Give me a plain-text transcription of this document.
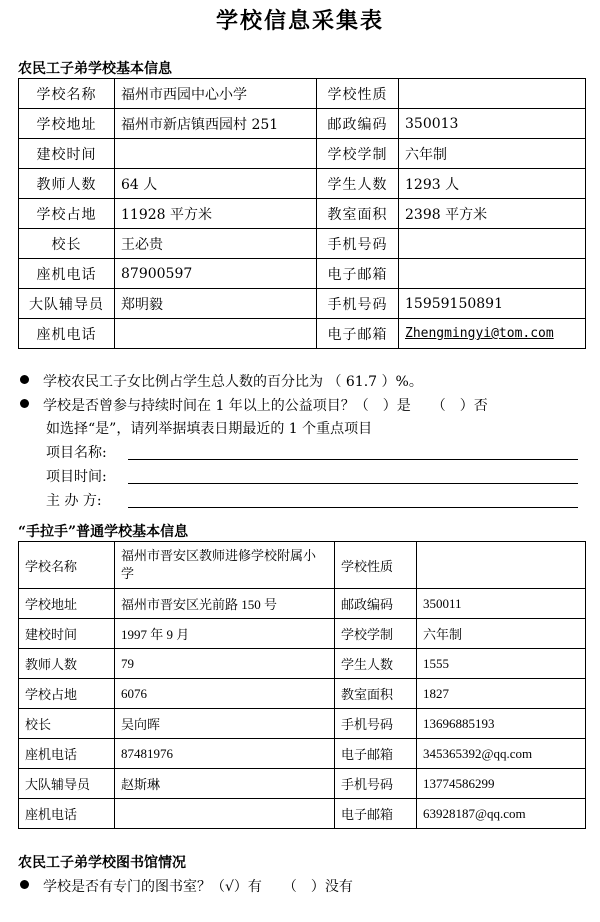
学校信息采集表
农民工子弟学校基本信息
学校名称	福州市西园中心小学	学校性质	
学校地址	福州市新店镇西园村 251	邮政编码	350013
建校时间		学校学制	六年制
教师人数	64 人	学生人数	1293 人
学校占地	11928 平方米	教室面积	2398 平方米
校长	王必贵	手机号码	
座机电话	87900597	电子邮箱	
大队辅导员	郑明毅	手机号码	15959150891
座机电话		电子邮箱	Zhengmingyi@tom.com
学校农民工子女比例占学生总人数的百分比为 （ 61.7 ）%。
学校是否曾参与持续时间在 1 年以上的公益项目？（　）是　　（　）否
如选择“是”，请列举据填表日期最近的 1 个重点项目
项目名称:
项目时间:
主 办 方:
“手拉手”普通学校基本信息
学校名称	福州市晋安区教师进修学校附属小学	学校性质	
学校地址	福州市晋安区光前路 150 号	邮政编码	350011
建校时间	1997 年 9 月	学校学制	六年制
教师人数	79	学生人数	1555
学校占地	6076	教室面积	1827
校长	吴向晖	手机号码	13696885193
座机电话	87481976	电子邮箱	345365392@qq.com
大队辅导员	赵斯琳	手机号码	13774586299
座机电话		电子邮箱	63928187@qq.com
农民工子弟学校图书馆情况
学校是否有专门的图书室？（√）有　　（　）没有
